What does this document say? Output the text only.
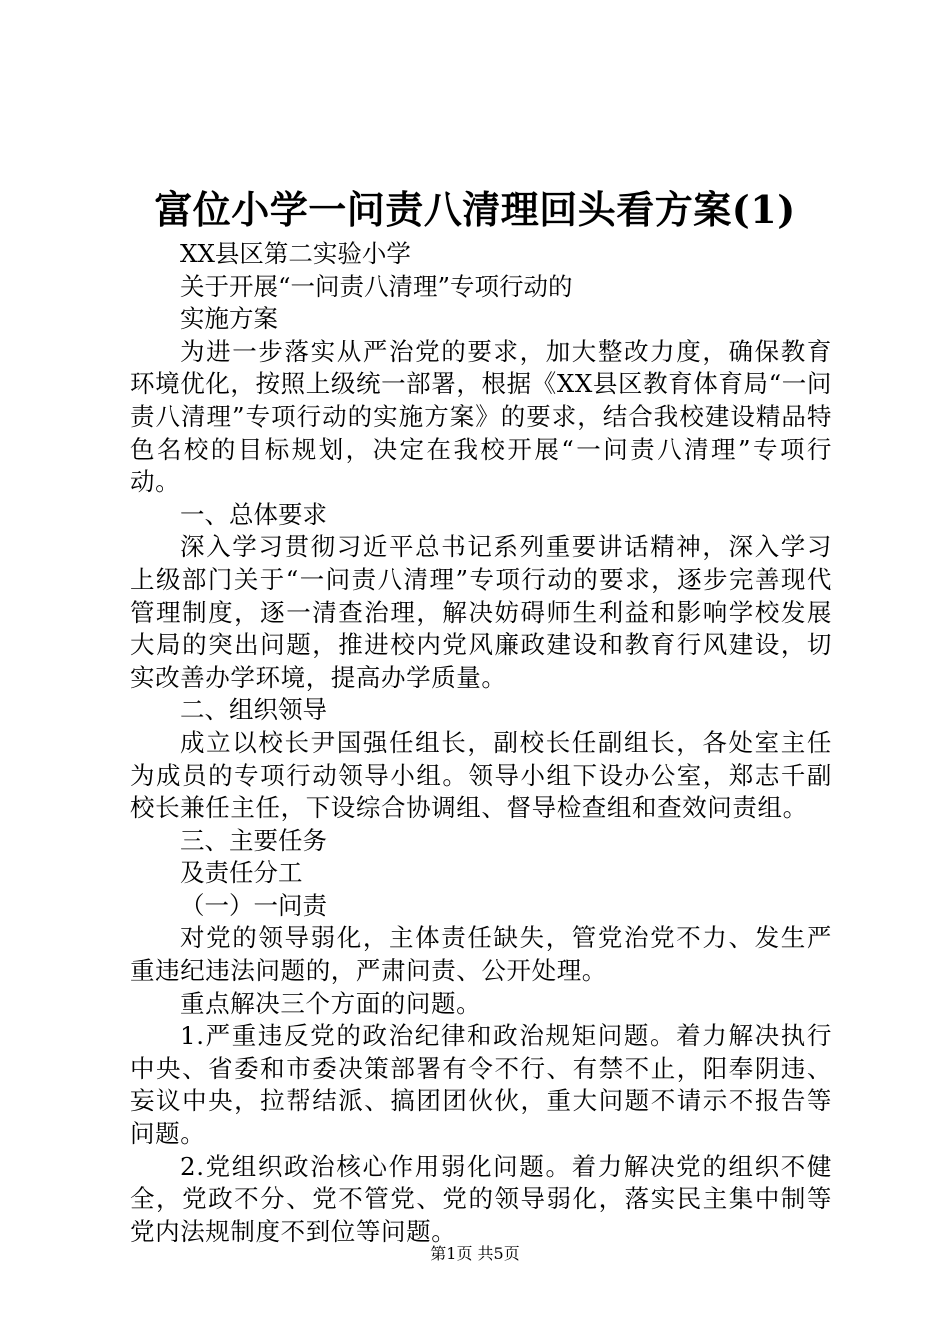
富位小学一问责八清理回头看方案(1)
XX县区第二实验小学
关于开展“一问责八清理”专项行动的
实施方案
为进一步落实从严治党的要求，加大整改力度，确保教育环境优化，按照上级统一部署，根据《XX县区教育体育局“一问责八清理”专项行动的实施方案》的要求，结合我校建设精品特色名校的目标规划，决定在我校开展“一问责八清理”专项行动。
一、总体要求
深入学习贯彻习近平总书记系列重要讲话精神，深入学习上级部门关于“一问责八清理”专项行动的要求，逐步完善现代管理制度，逐一清查治理，解决妨碍师生利益和影响学校发展大局的突出问题，推进校内党风廉政建设和教育行风建设，切实改善办学环境，提高办学质量。
二、组织领导
成立以校长尹国强任组长，副校长任副组长，各处室主任为成员的专项行动领导小组。领导小组下设办公室，郑志千副校长兼任主任，下设综合协调组、督导检查组和查效问责组。
三、主要任务
及责任分工
（一）一问责
对党的领导弱化，主体责任缺失，管党治党不力、发生严重违纪违法问题的，严肃问责、公开处理。
重点解决三个方面的问题。
1.严重违反党的政治纪律和政治规矩问题。着力解决执行中央、省委和市委决策部署有令不行、有禁不止，阳奉阴违、妄议中央，拉帮结派、搞团团伙伙，重大问题不请示不报告等问题。
2.党组织政治核心作用弱化问题。着力解决党的组织不健全，党政不分、党不管党、党的领导弱化，落实民主集中制等党内法规制度不到位等问题。
第1页 共5页
